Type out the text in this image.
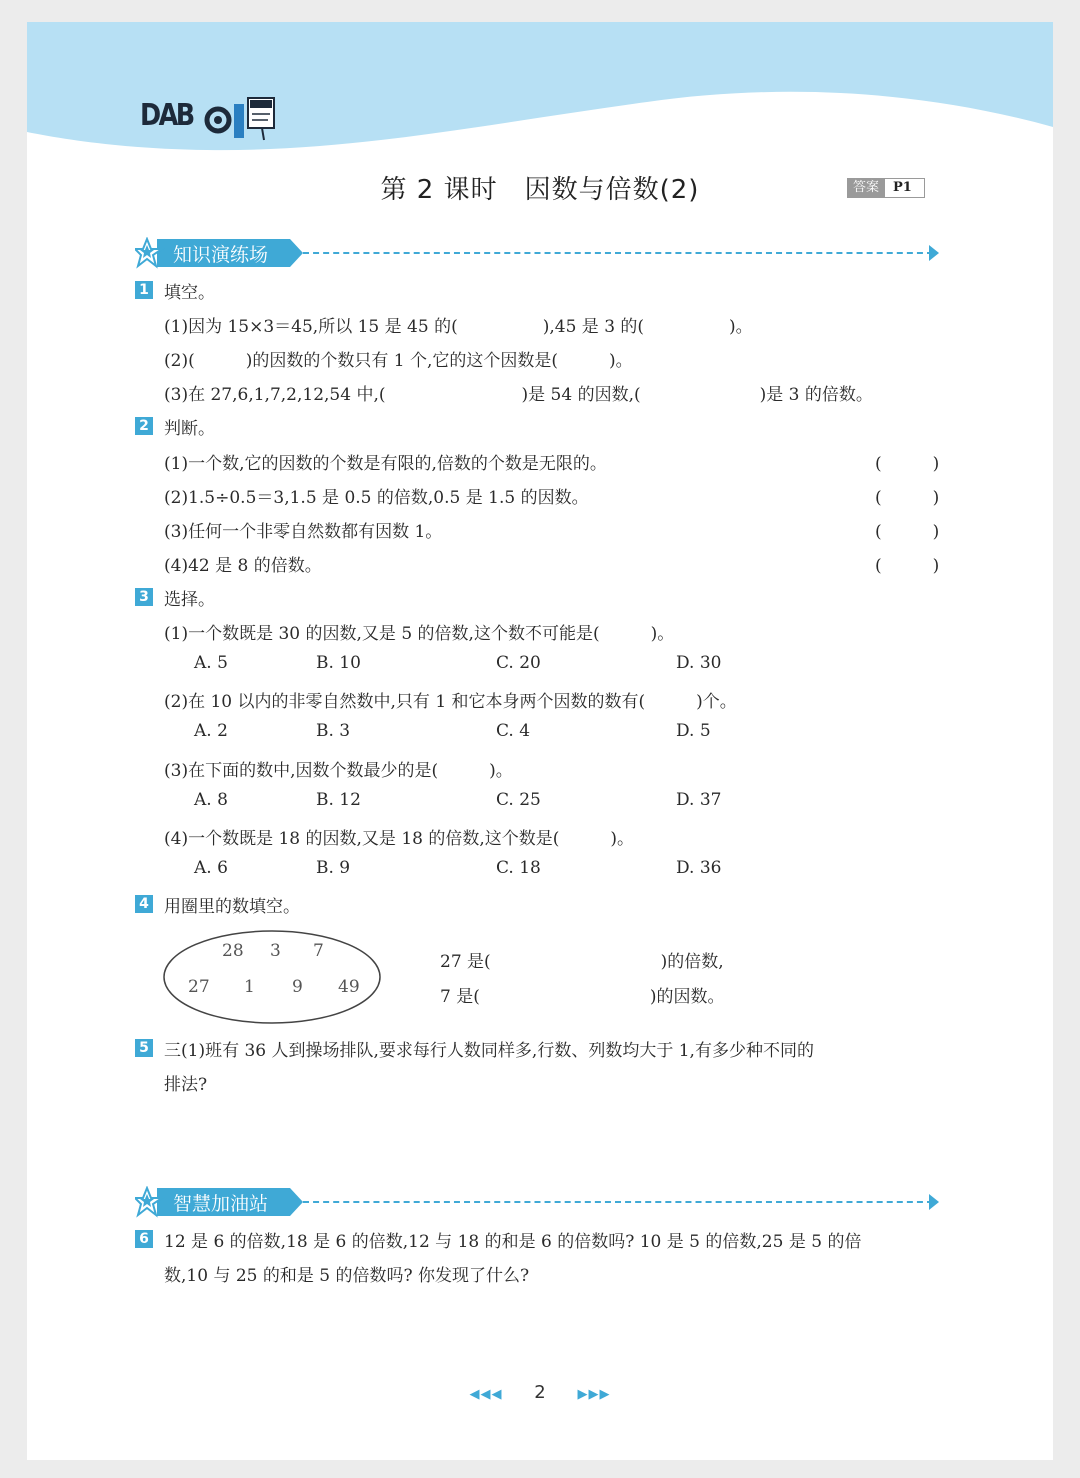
DAB
第 2 课时　因数与倍数(2)	答案	P1
知识演练场
1 填空。
(1)因为 15×3＝45,所以 15 是 45 的(　　　　　),45 是 3 的(　　　　　)。
(2)(　　　)的因数的个数只有 1 个,它的这个因数是(　　　)。
(3)在 27,6,1,7,2,12,54 中,(　　　　　　　　)是 54 的因数,(　　　　　　　)是 3 的倍数。
2 判断。
(1)一个数,它的因数的个数是有限的,倍数的个数是无限的。	(　　　)
(2)1.5÷0.5＝3,1.5 是 0.5 的倍数,0.5 是 1.5 的因数。	(　　　)
(3)任何一个非零自然数都有因数 1。	(　　　)
(4)42 是 8 的倍数。	(　　　)
3 选择。
(1)一个数既是 30 的因数,又是 5 的倍数,这个数不可能是(　　　)。
A. 5	B. 10	C. 20	D. 30
(2)在 10 以内的非零自然数中,只有 1 和它本身两个因数的数有(　　　)个。
A. 2	B. 3	C. 4	D. 5
(3)在下面的数中,因数个数最少的是(　　　)。
A. 8	B. 12	C. 25	D. 37
(4)一个数既是 18 的因数,又是 18 的倍数,这个数是(　　　)。
A. 6	B. 9	C. 18	D. 36
4 用圈里的数填空。
28 3 7
27 1 9 49
27 是(　　　　　　　　　　)的倍数,
7 是(　　　　　　　　　　)的因数。
5 三(1)班有 36 人到操场排队,要求每行人数同样多,行数、列数均大于 1,有多少种不同的
排法?
智慧加油站
6 12 是 6 的倍数,18 是 6 的倍数,12 与 18 的和是 6 的倍数吗? 10 是 5 的倍数,25 是 5 的倍
数,10 与 25 的和是 5 的倍数吗? 你发现了什么?
◀◀◀ 2 ▶▶▶
